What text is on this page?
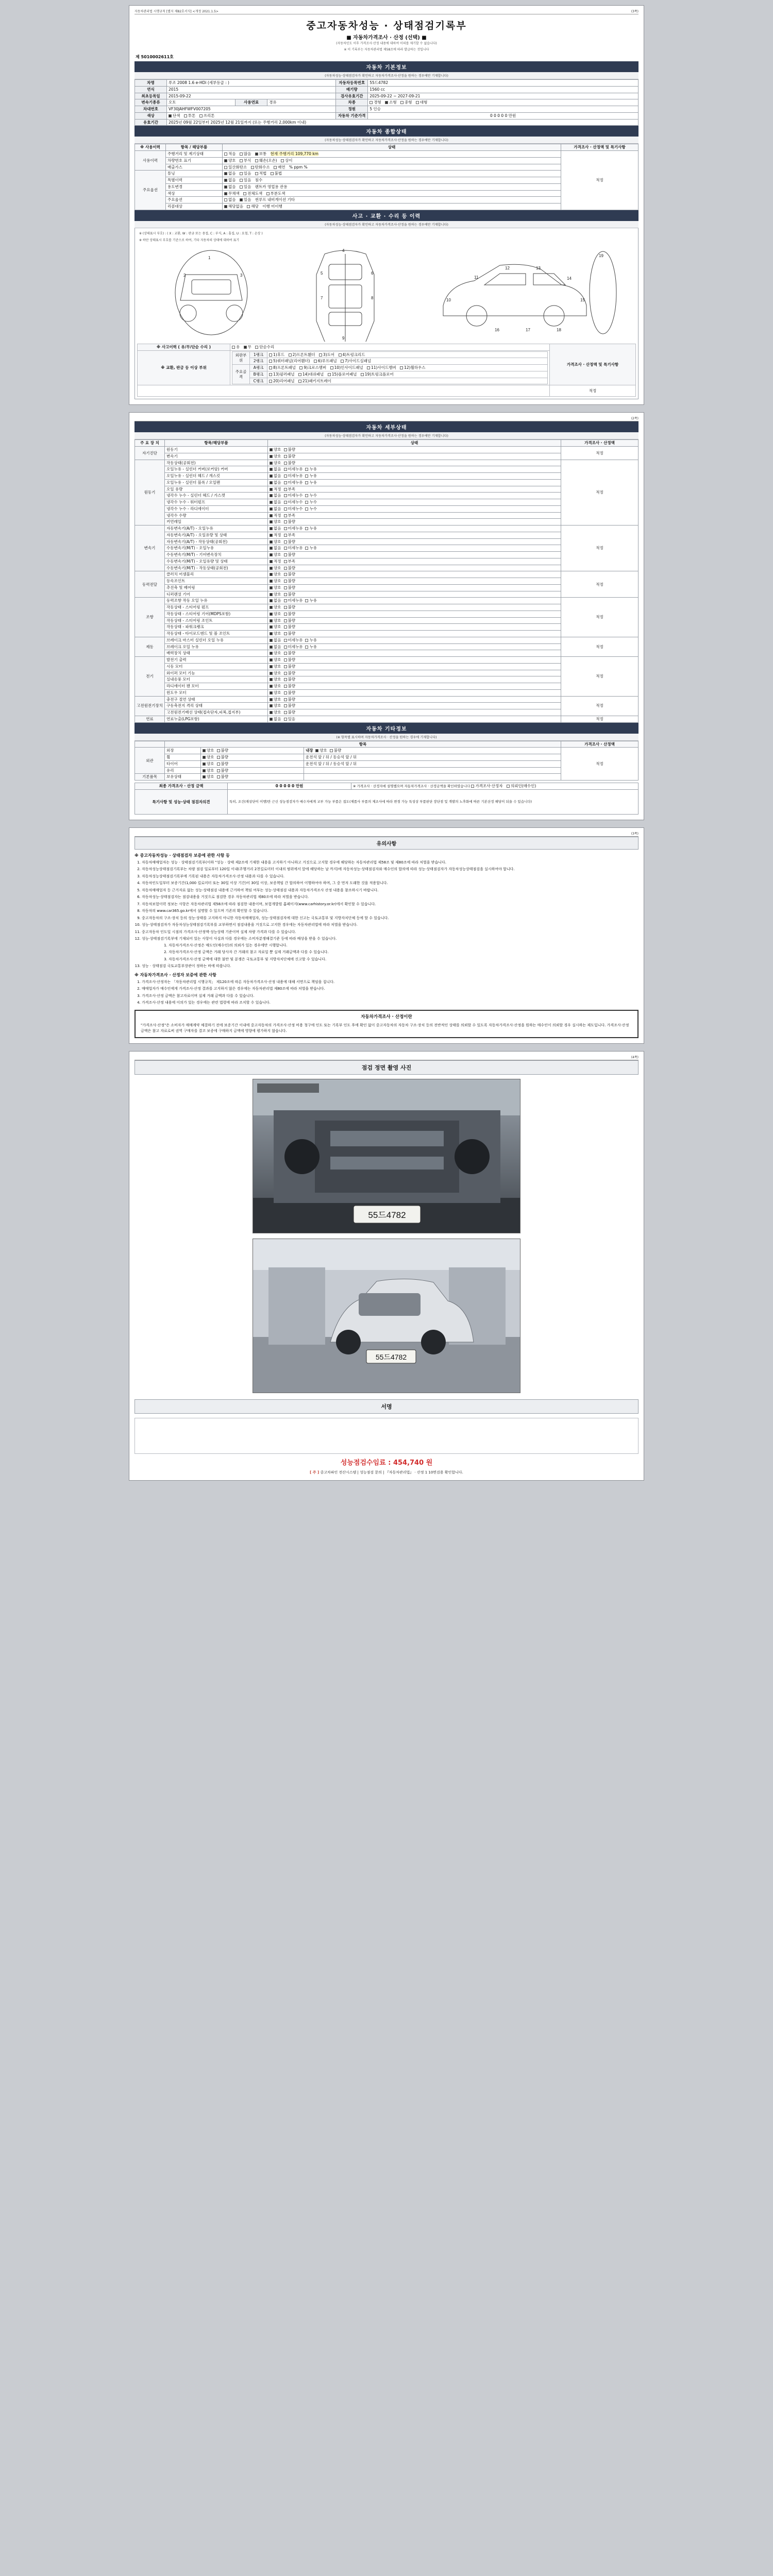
자동차관리법 시행규칙 [별지 제82호서식] <개정 2021.1.5>	(3쪽)
중고자동차성능 · 상태점검기록부
■ 자동차가격조사 · 산정 (선택) ■
(자동차인도 이후 가격조사·산정 내용에 대하여 이의를 제기할 수 없습니다)
※ 이 기록부는 자동차관리법 제58조에 따라 발급하는 것입니다
제 5010002611호
자동차 기본정보
(자동차성능·상태점검자가 확인하고 자동차가격조사·산정을 원하는 경우에만 기재합니다)
차명	푸조 2008 1.6 e-HDi (세부등급 : )			자동차등록번호	55드4782
연식	2015			배기량	1560 cc
최초등록일	2015-09-22			검사유효기간	2025-09-22 ~ 2027-09-21
변속기종류	오토	사용연료	경유	차종	경형 소형 중형 대형
차대번호	VF30JAHFWFV007205			정원	5 인승
색상	단색 투톤 쓰리톤			자동차 기준가격	0 0 0 0 0 만원
유효기간	2025년 09월 22일부터 2025년 12월 21일까지 (또는 주행거리 2,000km 이내)				
자동차 종합상태
(자동차성능·상태점검자가 확인하고 자동차가격조사·산정을 원하는 경우에만 기재합니다)
※ 사용이력	항목 / 해당부품	상태	가격조사 · 산정액 및 특기사항
사용이력	주행거리 및 계기상태	적음 많음 보통 현재 주행거리 109,770 km	적정
	차량번호 표기	양호 부식 훼손(오손) 상이	
	배출가스	일산화탄소 탄화수소 매연 % ppm %	
주요옵션	튜닝	없음 있음 적법 불법	
	특별이력	없음 있음 침수	
	용도변경	없음 있음 렌트카 영업용 관용	
	색상	무채색 전체도색 부분도색	
	주요옵션	없음 있음 썬루프 내비게이션 기타	
	리콜대상	해당없음 해당 이행 미이행	
사고 · 교환 · 수리 등 이력
(자동차성능·상태점검자가 확인하고 자동차가격조사·산정을 원하는 경우에만 기재합니다)
※ (상태표시 부호) : ( X : 교환, W : 판금 또는 용접, C : 부식, A : 흠집, U : 요철, T : 손상 )
※ 하단 상태표시 부호를 기준으로 하여, 기타 자동차의 상태에 대하여 표기
1
2	3
4
5	6
7	8
9
10
11
12	13
14
15
16	17	18
19
※ 사고이력 ( 유/무/단순 수리 )	유 무 단순수리	가격조사 · 산정액 및 특기사항
※ 교환, 판금 등 이상 부위	
외판부위	1랭크	1)후드 2)프론트휀더 3)도어 4)트렁크리드
2랭크	5)쿼터패널(리어휀더) 6)루프패널 7)사이드실패널
주요골격	A랭크	8)프론트패널 9)크로스멤버 10)인사이드패널 11)사이드멤버 12)휠하우스
B랭크	13)필러패널 14)대쉬패널 15)플로어패널 19)트렁크플로어
C랭크	20)리어패널 21)패키지트레이

	적정

(2쪽)
자동차 세부상태
(자동차성능·상태점검자가 확인하고 자동차가격조사·산정을 원하는 경우에만 기재합니다)
주 요 장 치	항목/해당부품	상태	가격조사 · 산정액
자기진단	원동기	양호 불량	적정
	변속기	양호 불량	
원동기	작동상태(공회전)	양호 불량	적정
	오일누유 - 실린더 커버(로커암) 커버	없음 미세누유 누유	
	오일누유 - 실린더 헤드 / 개스킷	없음 미세누유 누유	
	오일누유 - 실린더 블록 / 오일팬	없음 미세누유 누유	
	오일 유량	적정 부족	
	냉각수 누수 - 실린더 헤드 / 가스켓	없음 미세누수 누수	
	냉각수 누수 - 워터펌프	없음 미세누수 누수	
	냉각수 누수 - 라디에이터	없음 미세누수 누수	
	냉각수 수량	적정 부족	
	커먼레일	양호 불량	
변속기	자동변속기(A/T) - 오일누유	없음 미세누유 누유	적정
	자동변속기(A/T) - 오일유량 및 상태	적정 부족	
	자동변속기(A/T) - 작동상태(공회전)	양호 불량	
	수동변속기(M/T) - 오일누유	없음 미세누유 누유	
	수동변속기(M/T) - 기어변속장치	양호 불량	
	수동변속기(M/T) - 오일유량 및 상태	적정 부족	
	수동변속기(M/T) - 작동상태(공회전)	양호 불량	
동력전달	클러치 어셈블리	양호 불량	적정
	등속조인트	양호 불량	
	추진축 및 베어링	양호 불량	
	디퍼렌셜 기어	양호 불량	
조향	동력조향 작동 오일 누유	없음 미세누유 누유	적정
	작동상태 - 스티어링 펌프	양호 불량	
	작동상태 - 스티어링 기어(MDPS포함)	양호 불량	
	작동상태 - 스티어링 조인트	양호 불량	
	작동상태 - 파워크랭크	양호 불량	
	작동상태 - 타이로드엔드 및 볼 조인트	양호 불량	
제동	브레이크 마스터 실린더 오일 누유	없음 미세누유 누유	적정
	브레이크 오일 누유	없음 미세누유 누유	
	배력장치 상태	양호 불량	
전기	발전기 출력	양호 불량	적정
	시동 모터	양호 불량	
	와이퍼 모터 기능	양호 불량	
	실내송풍 모터	양호 불량	
	라디에이터 팬 모터	양호 불량	
	윈도우 모터	양호 불량	
고전원전기장치	충전구 절연 상태	양호 불량	적정
	구동축전지 격리 상태	양호 불량	
	고전원전기배선 상태(접속단자,피복,접지부)	양호 불량	
연료	연료누출(LPG포함)	없음 있음	적정
자동차 기타정보
(※ 항목별 표시하며 자동차가격조사 · 산정을 원하는 경우에 기재합니다)
	항목			가격조사 · 산정액
외관	외장	양호 불량	내장 양호 불량	적정
	휠	양호 불량	운전석 앞 / 뒤 / 동승석 앞 / 뒤	
	타이어	양호 불량	운전석 앞 / 뒤 / 동승석 앞 / 뒤	
	유리	양호 불량		
기본품목	보유상태	양호 불량		
최종 가격조사 · 산정 금액	0 0 0 0 0 만원	※ 가격조사 · 산정자에 설명했으며 자동차가격조사 · 산정금액을 확인하였습니다 가격조사·산정자 의뢰인(매수인)
특기사항 및 성능·상태 점검자의견	특히, 조건(재상단이 이행)만 근신 성능점검자가 매수자에게 교부 가능 부품은 접도(제품사 부품의 제조사에 따라 변경 가능 특성상 부품판단 장단점 및 개발의 노후화에 따른 기본산정 해당이 되을 수 있습니다)	

(3쪽)
유의사항
※ 중고자동차성능 · 상태점검자 보증에 관한 사항 등
1. 자동차매매업자는 성능 · 상태점검기록부(이하 "성능 · 상태 제2조에 기재한 내용을 고지하기 아니하고 거짓으로 고지할 경우에 해당하는 자동차관리법 제58조 및 제80조에 따라 처벌을 받습니다.
2. 자동차성능상태점검기록부는 차량 점검 일로부터 120일 이내(주행거리 2천킬로미터 이내의 범위에서 앞에 해당하는 날 까지)에 자동차성능·상태점검자와 매수인의 합의에 따라 성능·상태점검자가 자동차성능상태점검을 실시하여야 합니다.
3. 자동차성능상태점검기록부에 기록된 내용은 자동차가격조사·산정 내용과 다를 수 있습니다.
4. 자동차인도일부터 보증기간(1,000 킬로미터 또는 30일 이상 기간)이 30일 이상, 보증책임 간 합의하여 이행하여야 하며, 그 중 먼저 도래한 것을 적용합니다.
5. 자동차매매업자 등 근거자료 없는 성능·상태점검 내용에 근거하여 책임 여부는 성능·상태점검 내용과 자동차가격조사 산정 내용을 참조하시기 바랍니다.
6. 자동차성능·상태점검자는 점검내용을 거짓으로 점검한 경우 자동차관리법 제80조에 따라 처벌을 받습니다.
7. 자동차보험이력 정보는 사항은 자동차관리법 제58조에 따라 점검한 내용이며, 보험개발원 홈페이지(www.carhistory.or.kr)에서 확인할 수 있습니다.
8. 자동차의 www.car365.go.kr에서 설명할 수 있으며 기존의 확인할 수 있습니다.
9. 중고자동차의 구조·장치 등의 성능·상태를 고지하지 아니한 자동차매매업자, 성능·상태점검자에 대한 신고는 국토교통부 및 지방자치단체 등에 할 수 있습니다.
10. 성능·상태점검자가 자동차성능상태점검기록부를 교부하면서 점검내용을 거짓으로 고지한 경우에는 자동차관리법에 따라 처벌을 받습니다.
11. 중고자동차 인도일 시점의 가격조사·산정액·성능상태 기준이며 실제 차량 가격과 다를 수 있습니다.
12. 성능·상태점검기록부에 기재되어 있는 사항이 사실과 다를 경우에는 소비자분쟁해결기준 등에 따라 배상을 받을 수 있습니다.
1. 자동차가격조사·산정은 매도인(매수인)의 의뢰가 있는 경우에만 시행합니다.
2. 자동차가격조사·산정 금액은 거래 당사자 간 거래의 참고 자료일 뿐 실제 거래금액과 다를 수 있습니다.
3. 자동차가격조사·산정 금액에 대한 불만 및 분쟁은 국토교통부 및 지방자치단체에 신고할 수 있습니다.
13. 성능 · 상태점검 국토교통부장관이 정하는 바에 따릅니다.
※ 자동차가격조사 · 산정자 보증에 관한 사항
1. 가격조사·산정자는 「자동차관리법 시행규칙」 제120조에 따른 자동차가격조사·산정 내용에 대해 서면으로 책임을 집니다.
2. 매매업자가 매수인에게 가격조사·산정 결과를 고지하지 않은 경우에는 자동차관리법 제80조에 따라 처벌을 받습니다.
3. 가격조사·산정 금액은 참고자료이며 실제 거래 금액과 다를 수 있습니다.
4. 가격조사·산정 내용에 이의가 있는 경우에는 관련 법령에 따라 조치할 수 있습니다.
자동차가격조사 · 산정이란
"가격조사·산정"은 소비자가 매매계약 체결하기 전에 보증기간 이내에 중고자동차의 가격조사·산정 비용 청구에 인도 또는 기록부 인도 후에 확인 없이 중고자동차의 자동차 구조·장치 등의 전반적인 상태를 의뢰할 수 있도록 자동차가격조사·산정을 원하는 매수인이 의뢰할 경우 실시하는 제도입니다. 가격조사·산정 금액은 참고 자료로써 권역 구매자를 결코 보증에 구매하지 금액에 영향에 평가하지 않습니다.

(4쪽)
점검 정면 촬영 사진
55드4782
55드4782
서명
성능점검수임료 : 454,740 원
[ 주 ] 중고차파인 전산시스템 | 성능점검 문의 | 『자동차관리법』 · 산정 1 10면검용 확인합니다.
